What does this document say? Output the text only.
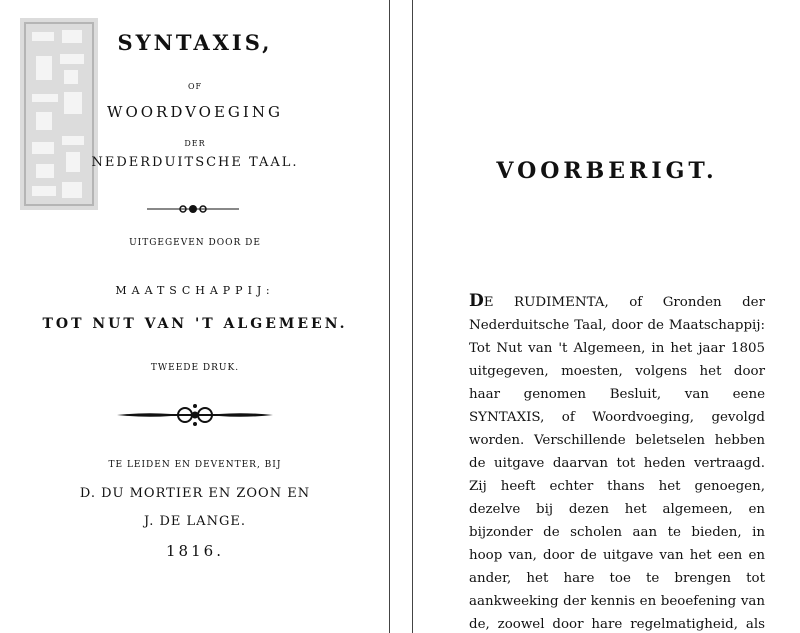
SYNTAXIS,
OF
WOORDVOEGING
DER
NEDERDUITSCHE TAAL.
UITGEGEVEN DOOR DE
MAATSCHAPPIJ:
TOT NUT VAN 'T ALGEMEEN.
TWEEDE DRUK.
TE LEIDEN EN DEVENTER, BIJ
D. DU MORTIER EN ZOON EN
J. DE LANGE.
1816.
VOORBERIGT.

DE RUDIMENTA, of Gronden der Nederduitsche Taal, door de Maatschappij: Tot Nut van 't Algemeen, in het jaar 1805 uitgegeven, moesten, volgens het door haar genomen Besluit, van eene SYNTAXIS, of Woordvoeging, gevolgd worden. Verschillende beletselen hebben de uitgave daarvan tot heden vertraagd. Zij heeft echter thans het genoegen, dezelve bij dezen het algemeen, en bijzonder de scholen aan te bieden, in hoop van, door de uitgave van het een en ander, het hare toe te brengen tot aankweeking der kennis en beoefening van de, zoowel door hare regelmatigheid, als
